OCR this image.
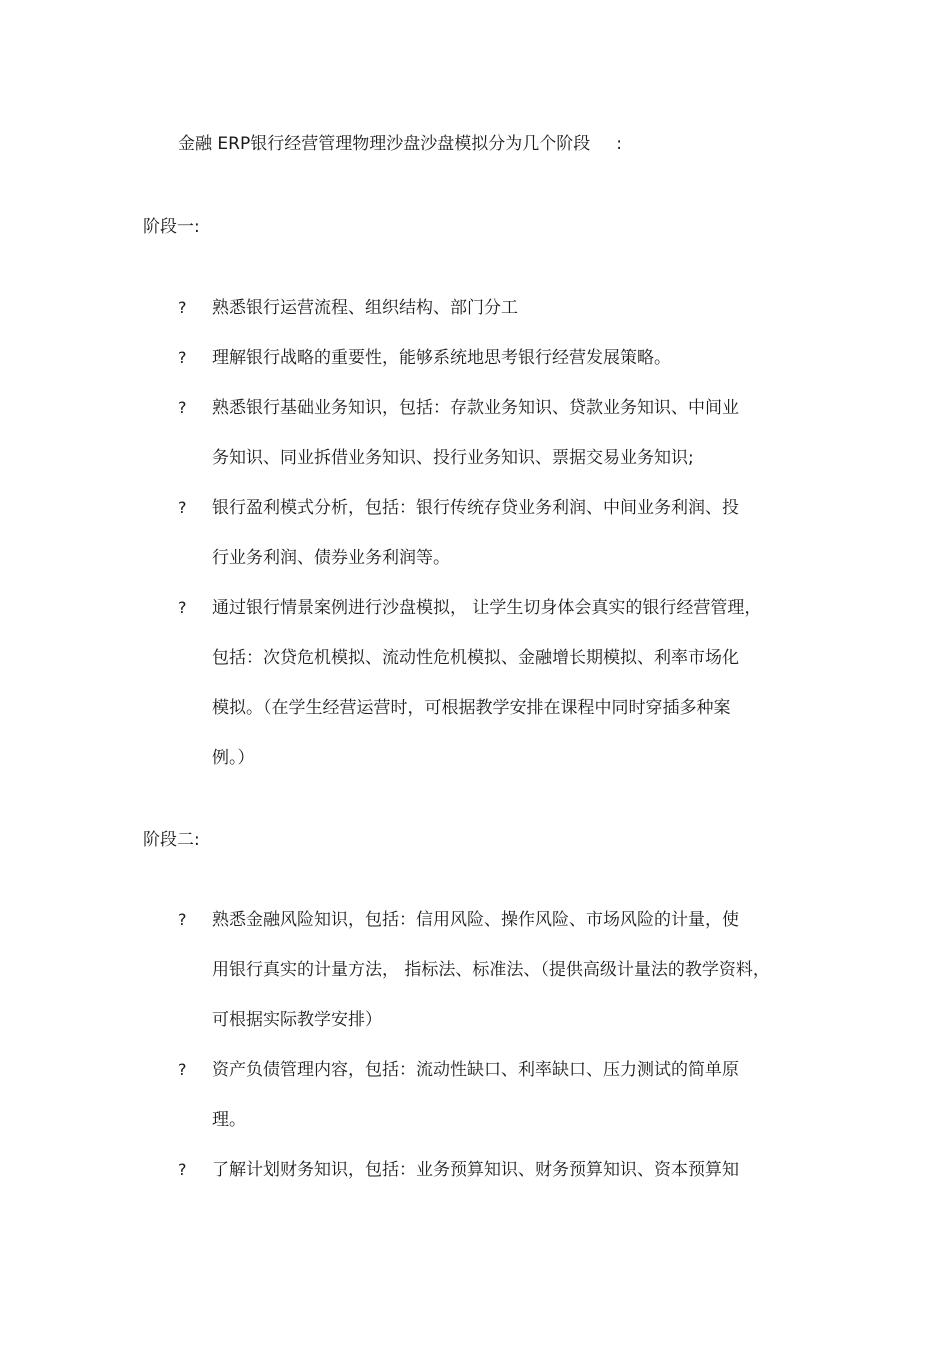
金融 ERP银行经营管理物理沙盘沙盘模拟分为几个阶段 :
阶段一:
? 熟悉银行运营流程、组织结构、部门分工
? 理解银行战略的重要性，能够系统地思考银行经营发展策略。
? 熟悉银行基础业务知识，包括：存款业务知识、贷款业务知识、中间业
务知识、同业拆借业务知识、投行业务知识、票据交易业务知识;
? 银行盈利模式分析，包括：银行传统存贷业务利润、中间业务利润、投
行业务利润、债券业务利润等。
? 通过银行情景案例进行沙盘模拟， 让学生切身体会真实的银行经营管理，
包括：次贷危机模拟、流动性危机模拟、金融增长期模拟、利率市场化
模拟。（在学生经营运营时，可根据教学安排在课程中同时穿插多种案
例。）
阶段二:
? 熟悉金融风险知识，包括：信用风险、操作风险、市场风险的计量，使
用银行真实的计量方法， 指标法、标准法、（提供高级计量法的教学资料，
可根据实际教学安排）
? 资产负债管理内容，包括：流动性缺口、利率缺口、压力测试的简单原
理。
? 了解计划财务知识，包括：业务预算知识、财务预算知识、资本预算知
